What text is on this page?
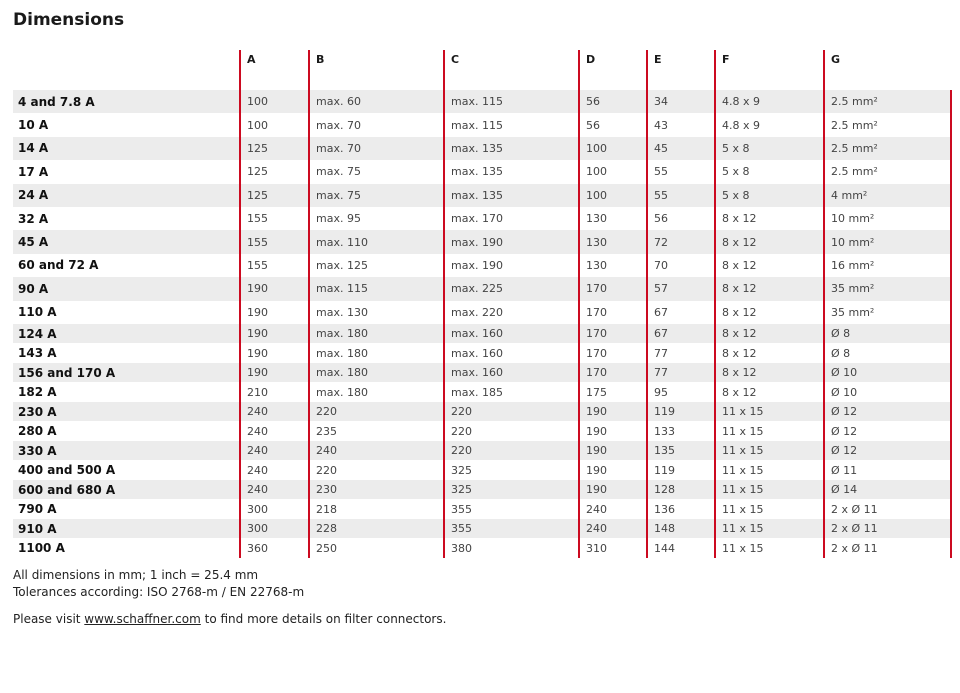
Dimensions
	A	B	C	D	E	F	G
4 and 7.8 A	100	max. 60	max. 115	56	34	4.8 x 9	2.5 mm²
10 A	100	max. 70	max. 115	56	43	4.8 x 9	2.5 mm²
14 A	125	max. 70	max. 135	100	45	5 x 8	2.5 mm²
17 A	125	max. 75	max. 135	100	55	5 x 8	2.5 mm²
24 A	125	max. 75	max. 135	100	55	5 x 8	4 mm²
32 A	155	max. 95	max. 170	130	56	8 x 12	10 mm²
45 A	155	max. 110	max. 190	130	72	8 x 12	10 mm²
60 and 72 A	155	max. 125	max. 190	130	70	8 x 12	16 mm²
90 A	190	max. 115	max. 225	170	57	8 x 12	35 mm²
110 A	190	max. 130	max. 220	170	67	8 x 12	35 mm²
124 A	190	max. 180	max. 160	170	67	8 x 12	Ø 8
143 A	190	max. 180	max. 160	170	77	8 x 12	Ø 8
156 and 170 A	190	max. 180	max. 160	170	77	8 x 12	Ø 10
182 A	210	max. 180	max. 185	175	95	8 x 12	Ø 10
230 A	240	220	220	190	119	11 x 15	Ø 12
280 A	240	235	220	190	133	11 x 15	Ø 12
330 A	240	240	220	190	135	11 x 15	Ø 12
400 and 500 A	240	220	325	190	119	11 x 15	Ø 11
600 and 680 A	240	230	325	190	128	11 x 15	Ø 14
790 A	300	218	355	240	136	11 x 15	2 x Ø 11
910 A	300	228	355	240	148	11 x 15	2 x Ø 11
1100 A	360	250	380	310	144	11 x 15	2 x Ø 11

All dimensions in mm; 1 inch = 25.4 mm

Tolerances according: ISO 2768-m / EN 22768-m

Please visit www.schaffner.com to find more details on filter connectors.
